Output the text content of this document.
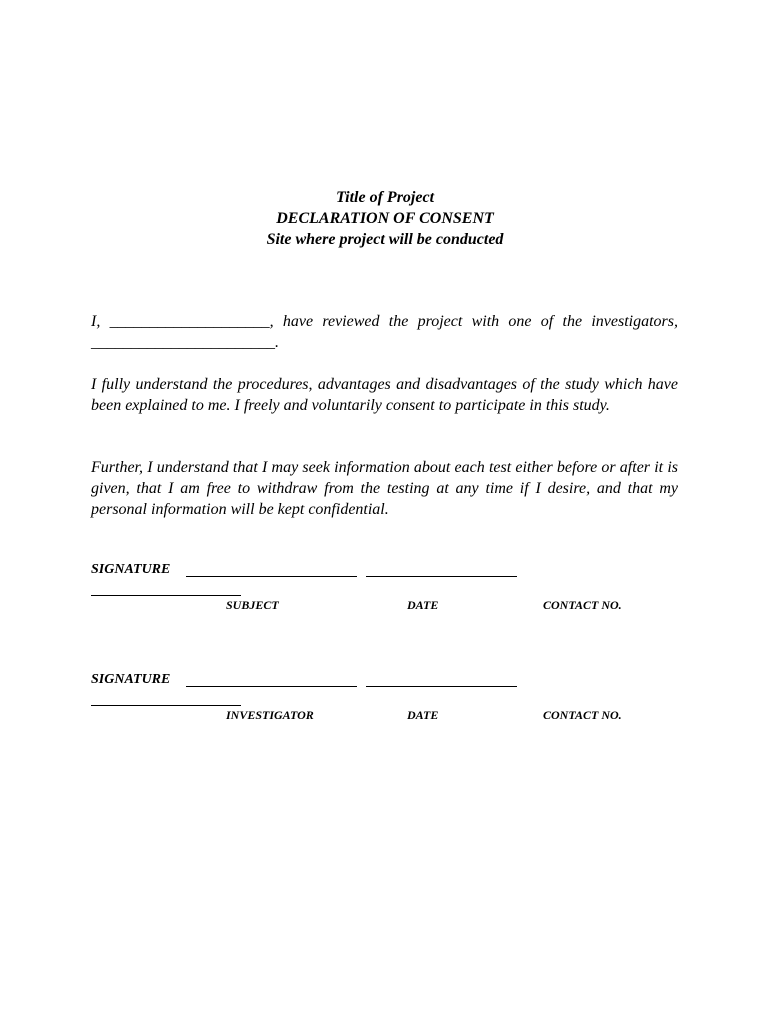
Title of Project
DECLARATION OF CONSENT
Site where project will be conducted
I, ____________________, have reviewed the project with one of the investigators, _______________________.
I fully understand the procedures, advantages and disadvantages of the study which have been explained to me. I freely and voluntarily consent to participate in this study.
Further, I understand that I may seek information about each test either before or after it is given, that I am free to withdraw from the testing at any time if I desire, and that my personal information will be kept confidential.
SIGNATURE
SUBJECT	DATE	CONTACT NO.
SIGNATURE
INVESTIGATOR	DATE	CONTACT NO.
